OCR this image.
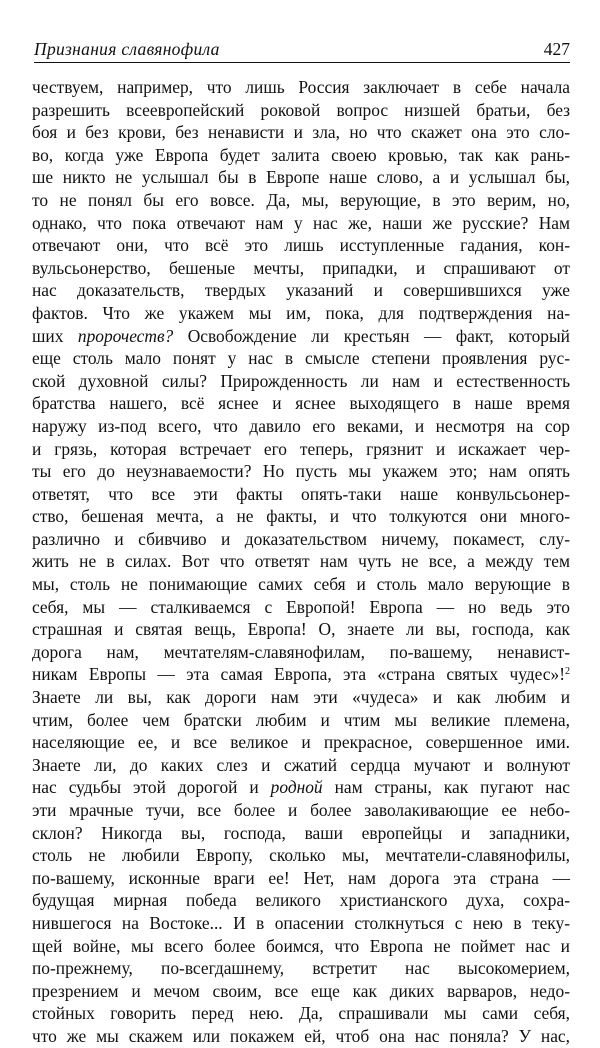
Признания славянофила	427
чествуем, например, что лишь Россия заключает в себе начала
разрешить всеевропейский роковой вопрос низшей братьи, без
боя и без крови, без ненависти и зла, но что скажет она это сло-
во, когда уже Европа будет залита своею кровью, так как рань-
ше никто не услышал бы в Европе наше слово, а и услышал бы,
то не понял бы его вовсе. Да, мы, верующие, в это верим, но,
однако, что пока отвечают нам у нас же, наши же русские? Нам
отвечают они, что всё это лишь исступленные гадания, кон-
вульсьонерство, бешеные мечты, припадки, и спрашивают от
нас доказательств, твердых указаний и совершившихся уже
фактов. Что же укажем мы им, пока, для подтверждения на-
ших пророчеств? Освобождение ли крестьян — факт, который
еще столь мало понят у нас в смысле степени проявления рус-
ской духовной силы? Прирожденность ли нам и естественность
братства нашего, всё яснее и яснее выходящего в наше время
наружу из-под всего, что давило его веками, и несмотря на сор
и грязь, которая встречает его теперь, грязнит и искажает чер-
ты его до неузнаваемости? Но пусть мы укажем это; нам опять
ответят, что все эти факты опять-таки наше конвульсьонер-
ство, бешеная мечта, а не факты, и что толкуются они много-
различно и сбивчиво и доказательством ничему, покамест, слу-
жить не в силах. Вот что ответят нам чуть не все, а между тем
мы, столь не понимающие самих себя и столь мало верующие в
себя, мы — сталкиваемся с Европой! Европа — но ведь это
страшная и святая вещь, Европа! О, знаете ли вы, господа, как
дорога нам, мечтателям-славянофилам, по-вашему, ненавист-
никам Европы — эта самая Европа, эта «страна святых чудес»!$^2$
Знаете ли вы, как дороги нам эти «чудеса» и как любим и
чтим, более чем братски любим и чтим мы великие племена,
населяющие ее, и все великое и прекрасное, совершенное ими.
Знаете ли, до каких слез и сжатий сердца мучают и волнуют
нас судьбы этой дорогой и родной нам страны, как пугают нас
эти мрачные тучи, все более и более заволакивающие ее небо-
склон? Никогда вы, господа, ваши европейцы и западники,
столь не любили Европу, сколько мы, мечтатели-славянофилы,
по-вашему, исконные враги ее! Нет, нам дорога эта страна —
будущая мирная победа великого христианского духа, сохра-
нившегося на Востоке... И в опасении столкнуться с нею в теку-
щей войне, мы всего более боимся, что Европа не поймет нас и
по-прежнему, по-всегдашнему, встретит нас высокомерием,
презрением и мечом своим, все еще как диких варваров, недо-
стойных говорить перед нею. Да, спрашивали мы сами себя,
что же мы скажем или покажем ей, чтоб она нас поняла? У нас,
